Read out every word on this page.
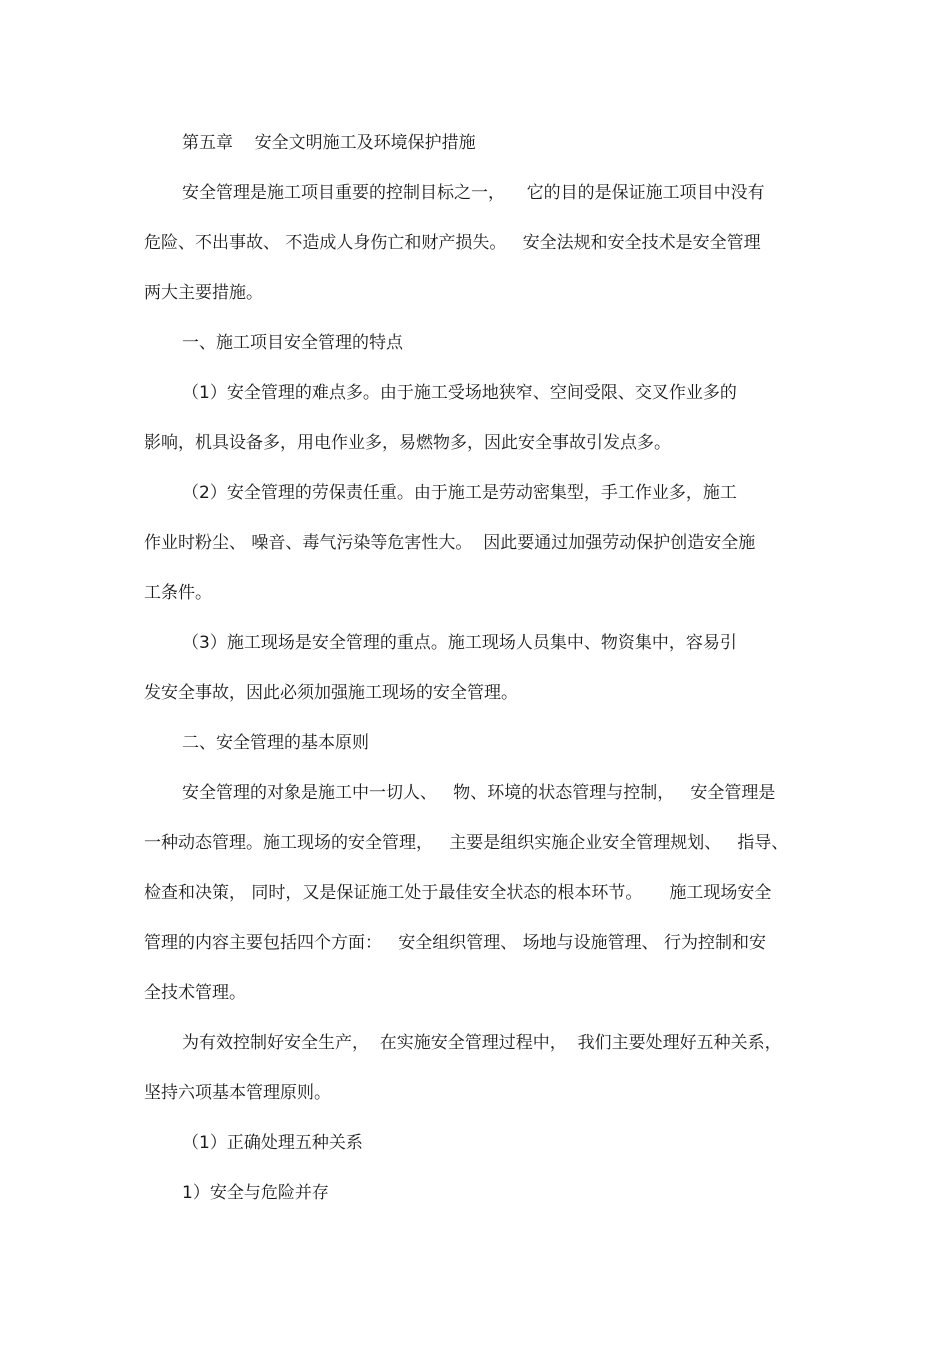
第五章    安全文明施工及环境保护措施
安全管理是施工项目重要的控制目标之一，    它的目的是保证施工项目中没有
危险、不出事故、 不造成人身伤亡和财产损失。   安全法规和安全技术是安全管理
两大主要措施。
一、施工项目安全管理的特点
（1）安全管理的难点多。由于施工受场地狭窄、空间受限、交叉作业多的
影响，机具设备多，用电作业多，易燃物多，因此安全事故引发点多。
（2）安全管理的劳保责任重。由于施工是劳动密集型，手工作业多，施工
作业时粉尘、 噪音、毒气污染等危害性大。  因此要通过加强劳动保护创造安全施
工条件。
（3）施工现场是安全管理的重点。施工现场人员集中、物资集中，容易引
发安全事故，因此必须加强施工现场的安全管理。
二、安全管理的基本原则
安全管理的对象是施工中一切人、   物、环境的状态管理与控制，   安全管理是
一种动态管理。施工现场的安全管理，   主要是组织实施企业安全管理规划、   指导、
检查和决策， 同时，又是保证施工处于最佳安全状态的根本环节。     施工现场安全
管理的内容主要包括四个方面：   安全组织管理、 场地与设施管理、 行为控制和安
全技术管理。
为有效控制好安全生产，  在实施安全管理过程中，  我们主要处理好五种关系，
坚持六项基本管理原则。
（1）正确处理五种关系
1）安全与危险并存
